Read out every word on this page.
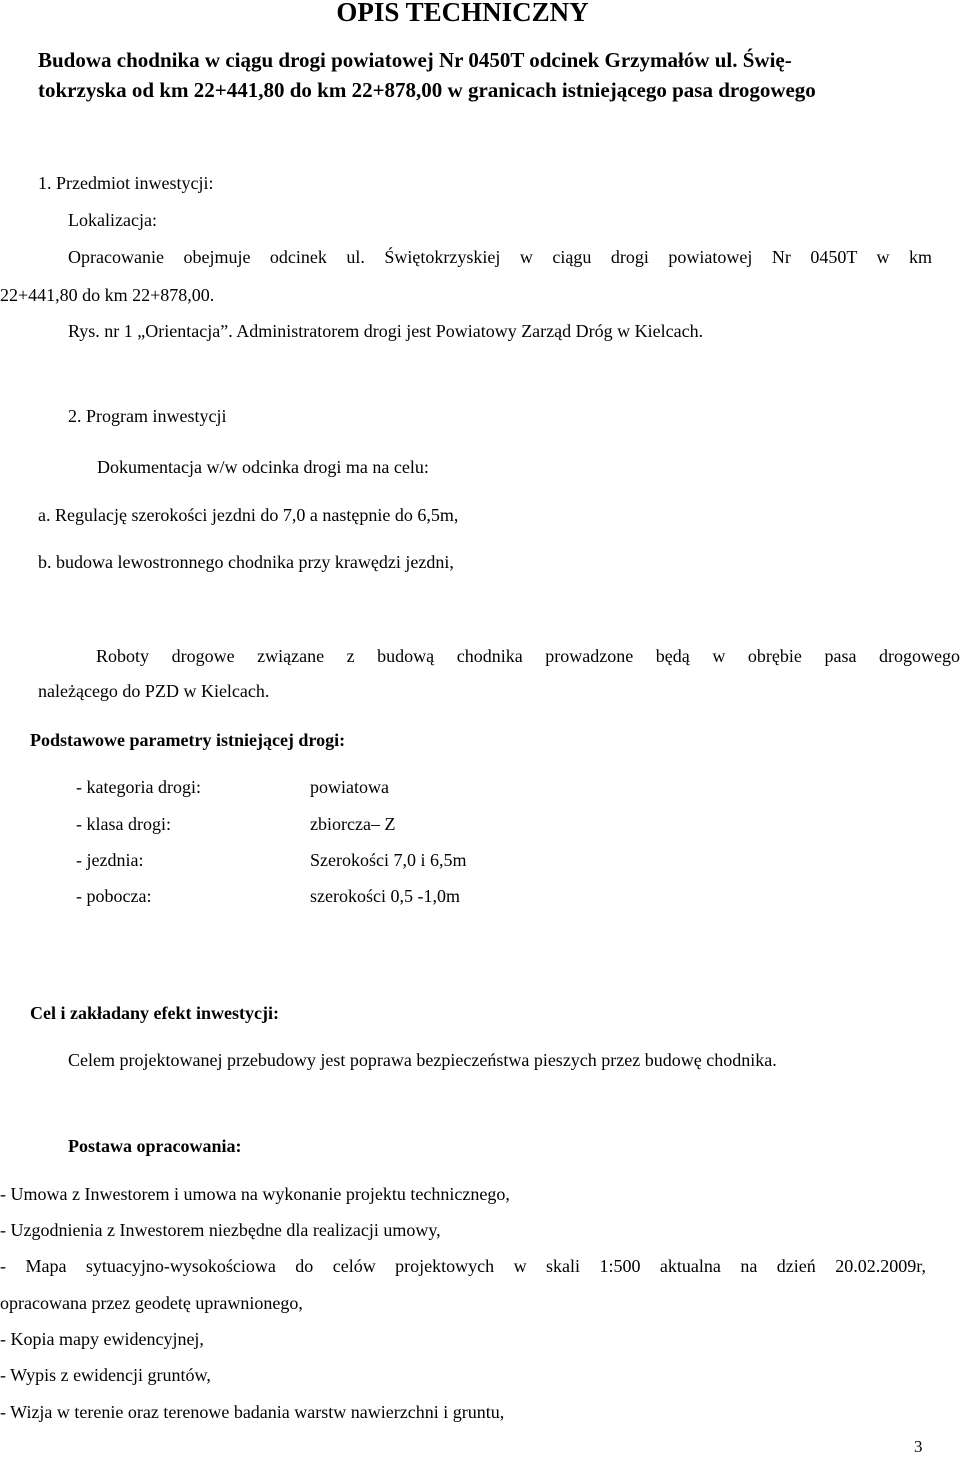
OPIS TECHNICZNY
Budowa chodnika w ciągu drogi powiatowej Nr 0450T odcinek Grzymałów ul. Świę-
tokrzyska od km 22+441,80 do km 22+878,00 w granicach istniejącego pasa drogowego
1. Przedmiot inwestycji:
Lokalizacja:
Opracowanie obejmuje odcinek ul. Świętokrzyskiej w ciągu drogi powiatowej Nr 0450T w km
22+441,80 do km 22+878,00.
Rys. nr 1 „Orientacja”. Administratorem drogi jest Powiatowy Zarząd Dróg w Kielcach.
2. Program inwestycji
Dokumentacja w/w odcinka drogi ma na celu:
a. Regulację szerokości jezdni do 7,0 a następnie do 6,5m,
b. budowa lewostronnego chodnika przy krawędzi jezdni,
Roboty drogowe związane z budową chodnika prowadzone będą w obrębie pasa drogowego
należącego do PZD w Kielcach.
Podstawowe parametry istniejącej drogi:
- kategoria drogi:	powiatowa
- klasa drogi:	zbiorcza– Z
- jezdnia:	Szerokości 7,0 i 6,5m
- pobocza:	szerokości 0,5 -1,0m
Cel i zakładany efekt inwestycji:
Celem projektowanej przebudowy jest poprawa bezpieczeństwa pieszych przez budowę chodnika.
Postawa opracowania:
- Umowa z Inwestorem i umowa na wykonanie projektu technicznego,
- Uzgodnienia z Inwestorem niezbędne dla realizacji umowy,
- Mapa sytuacyjno-wysokościowa do celów projektowych w skali 1:500 aktualna na dzień 20.02.2009r,
opracowana przez geodetę uprawnionego,
- Kopia mapy ewidencyjnej,
- Wypis z ewidencji gruntów,
- Wizja w terenie oraz terenowe badania warstw nawierzchni i gruntu,
3
